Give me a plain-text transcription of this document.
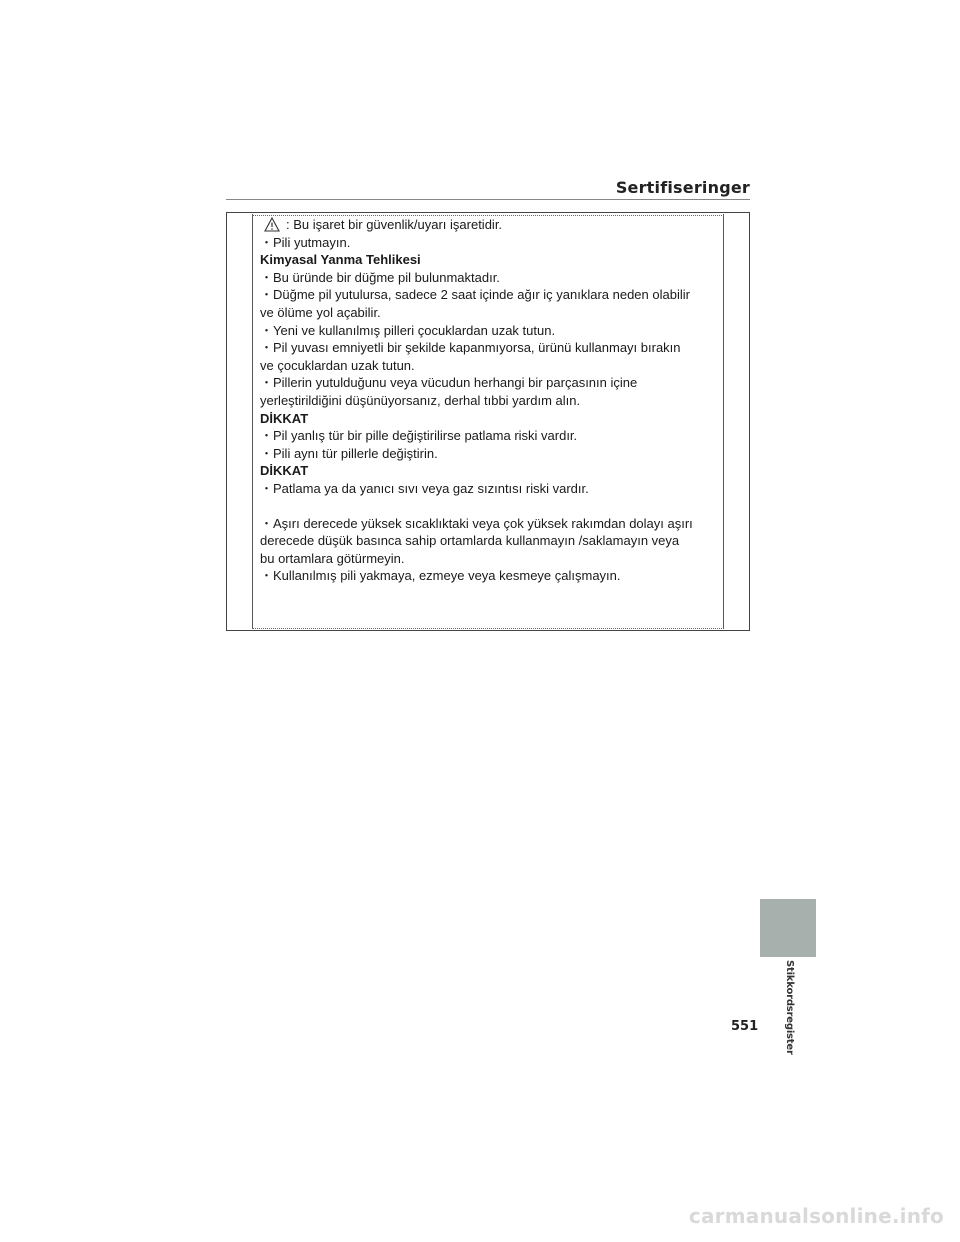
Sertifiseringer
: Bu işaret bir güvenlik/uyarı işaretidir.
・Pili yutmayın.
Kimyasal Yanma Tehlikesi
・Bu üründe bir düğme pil bulunmaktadır.
・Düğme pil yutulursa, sadece 2 saat içinde ağır iç yanıklara neden olabilir
ve ölüme yol açabilir.
・Yeni ve kullanılmış pilleri çocuklardan uzak tutun.
・Pil yuvası emniyetli bir şekilde kapanmıyorsa, ürünü kullanmayı bırakın
ve çocuklardan uzak tutun.
・Pillerin yutulduğunu veya vücudun herhangi bir parçasının içine
yerleştirildiğini düşünüyorsanız, derhal tıbbi yardım alın.
DİKKAT
・Pil yanlış tür bir pille değiştirilirse patlama riski vardır.
・Pili aynı tür pillerle değiştirin.
DİKKAT
・Patlama ya da yanıcı sıvı veya gaz sızıntısı riski vardır.
・Aşırı derecede yüksek sıcaklıktaki veya çok yüksek rakımdan dolayı aşırı
derecede düşük basınca sahip ortamlarda kullanmayın /saklamayın veya
bu ortamlara götürmeyin.
・Kullanılmış pili yakmaya, ezmeye veya kesmeye çalışmayın.
Stikkordsregister
551
carmanualsonline.info
